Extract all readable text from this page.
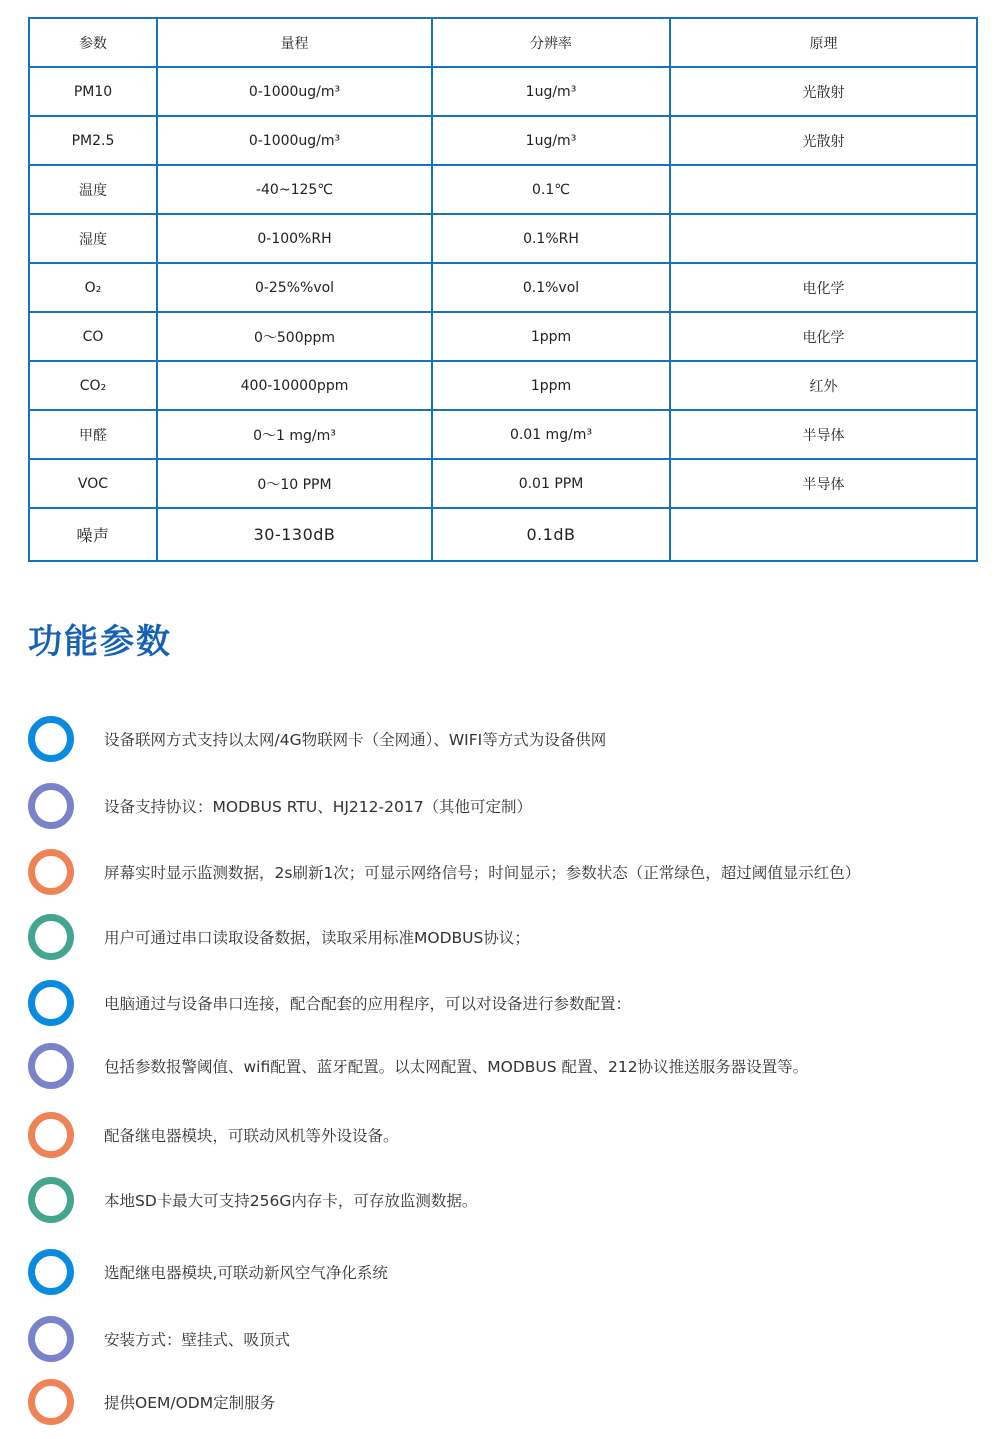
参数	量程	分辨率	原理
PM10	0-1000ug/m³	1ug/m³	光散射
PM2.5	0-1000ug/m³	1ug/m³	光散射
温度	-40~125℃	0.1℃	
湿度	0-100%RH	0.1%RH	
O₂	0-25%%vol	0.1%vol	电化学
CO	0～500ppm	1ppm	电化学
CO₂	400-10000ppm	1ppm	红外
甲醛	0～1 mg/m³	0.01 mg/m³	半导体
VOC	0～10 PPM	0.01 PPM	半导体
噪声	30-130dB	0.1dB	
功能参数
设备联网方式支持以太网/4G物联网卡（全网通）、WIFI等方式为设备供网
设备支持协议：MODBUS RTU、HJ212-2017（其他可定制）
屏幕实时显示监测数据，2s刷新1次；可显示网络信号；时间显示；参数状态（正常绿色，超过阈值显示红色）
用户可通过串口读取设备数据，读取采用标准MODBUS协议；
电脑通过与设备串口连接，配合配套的应用程序，可以对设备进行参数配置：
包括参数报警阈值、wifi配置、蓝牙配置。以太网配置、MODBUS 配置、212协议推送服务器设置等。
配备继电器模块，可联动风机等外设设备。
本地SD卡最大可支持256G内存卡，可存放监测数据。
选配继电器模块,可联动新风空气净化系统
安装方式：壁挂式、吸顶式
提供OEM/ODM定制服务
